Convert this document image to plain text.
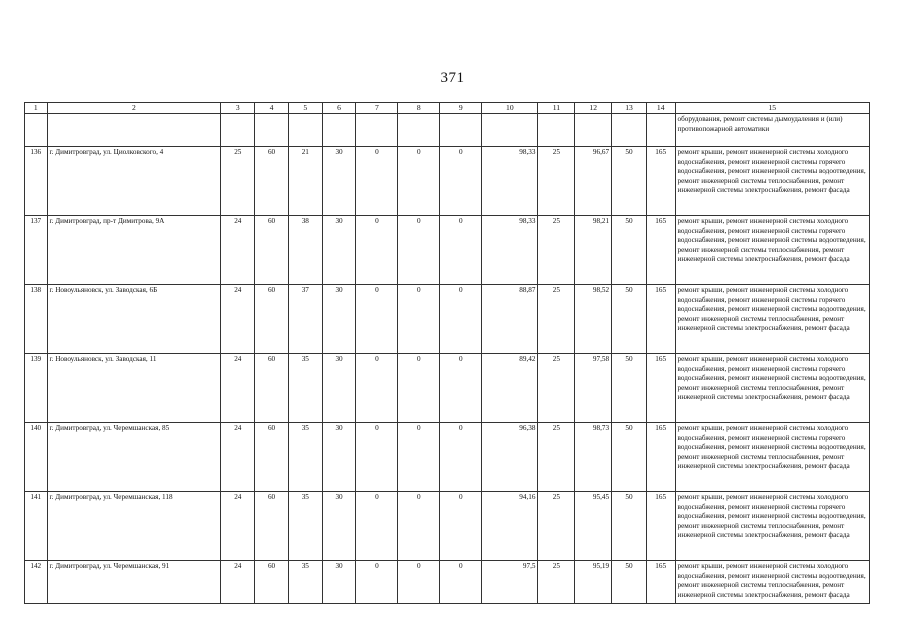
371
1	2	3	4	5	6	7	8	9	10	11	12	13	14	15
														оборудования, ремонт системы дымоудаления и (или) противопожарной автоматики
136	г. Димитровград, ул. Циолковского, 4	25	60	21	30	0	0	0	98,33	25	96,67	50	165	ремонт крыши, ремонт инженерной системы холодного водоснабжения, ремонт инженерной системы горячего водоснабжения, ремонт инженерной системы водоотведения, ремонт инженерной системы теплоснабжения, ремонт инженерной системы электроснабжения, ремонт фасада
137	г. Димитровград, пр-т Димитрова, 9А	24	60	38	30	0	0	0	98,33	25	98,21	50	165	ремонт крыши, ремонт инженерной системы холодного водоснабжения, ремонт инженерной системы горячего водоснабжения, ремонт инженерной системы водоотведения, ремонт инженерной системы теплоснабжения, ремонт инженерной системы электроснабжения, ремонт фасада
138	г. Новоульяновск, ул. Заводская, 6Б	24	60	37	30	0	0	0	88,87	25	98,52	50	165	ремонт крыши, ремонт инженерной системы холодного водоснабжения, ремонт инженерной системы горячего водоснабжения, ремонт инженерной системы водоотведения, ремонт инженерной системы теплоснабжения, ремонт инженерной системы электроснабжения, ремонт фасада
139	г. Новоульяновск, ул. Заводская, 11	24	60	35	30	0	0	0	89,42	25	97,58	50	165	ремонт крыши, ремонт инженерной системы холодного водоснабжения, ремонт инженерной системы горячего водоснабжения, ремонт инженерной системы водоотведения, ремонт инженерной системы теплоснабжения, ремонт инженерной системы электроснабжения, ремонт фасада
140	г. Димитровград, ул. Черемшанская, 85	24	60	35	30	0	0	0	96,38	25	98,73	50	165	ремонт крыши, ремонт инженерной системы холодного водоснабжения, ремонт инженерной системы горячего водоснабжения, ремонт инженерной системы водоотведения, ремонт инженерной системы теплоснабжения, ремонт инженерной системы электроснабжения, ремонт фасада
141	г. Димитровград, ул. Черемшанская, 118	24	60	35	30	0	0	0	94,16	25	95,45	50	165	ремонт крыши, ремонт инженерной системы холодного водоснабжения, ремонт инженерной системы горячего водоснабжения, ремонт инженерной системы водоотведения, ремонт инженерной системы теплоснабжения, ремонт инженерной системы электроснабжения, ремонт фасада
142	г. Димитровград, ул. Черемшанская, 91	24	60	35	30	0	0	0	97,5	25	95,19	50	165	ремонт крыши, ремонт инженерной системы холодного водоснабжения, ремонт инженерной системы водоотведения, ремонт инженерной системы теплоснабжения, ремонт инженерной системы электроснабжения, ремонт фасада
